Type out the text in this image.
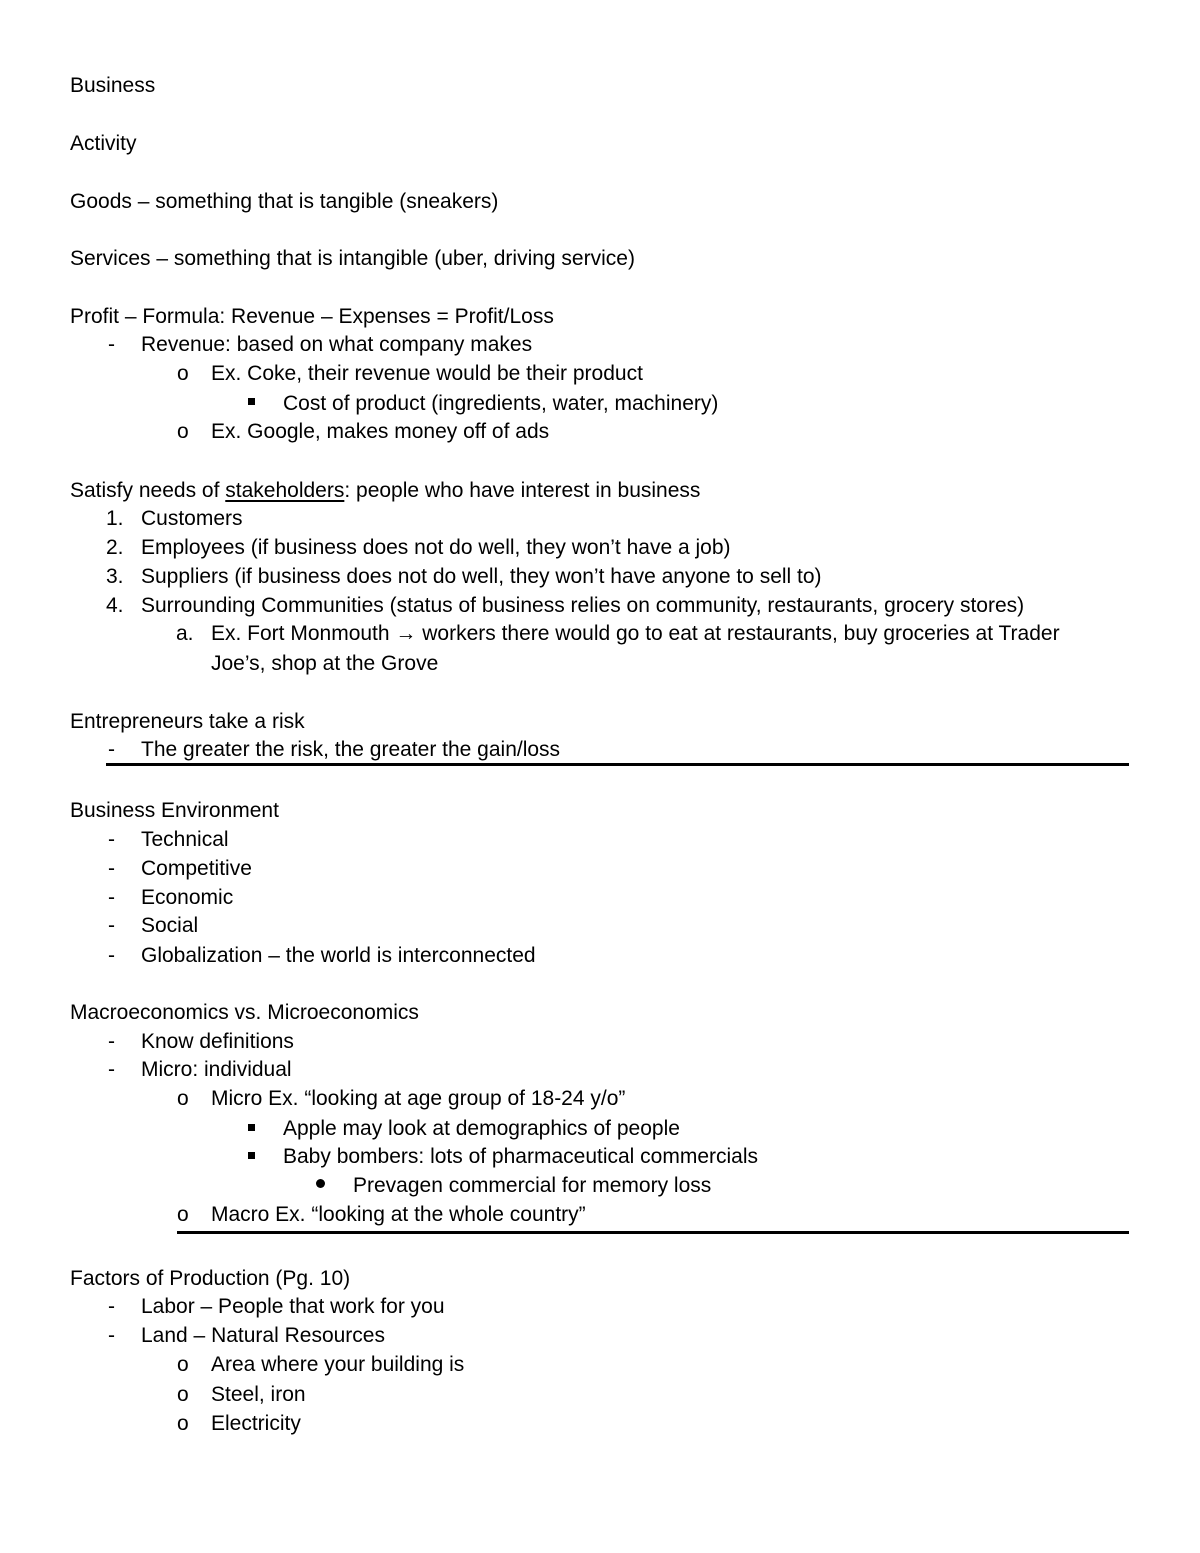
Business
Activity
Goods – something that is tangible (sneakers)
Services – something that is intangible (uber, driving service)
Profit – Formula: Revenue – Expenses = Profit/Loss
- Revenue: based on what company makes
o Ex. Coke, their revenue would be their product
Cost of product (ingredients, water, machinery)
o Ex. Google, makes money off of ads
Satisfy needs of stakeholders: people who have interest in business
1. Customers
2. Employees (if business does not do well, they won’t have a job)
3. Suppliers (if business does not do well, they won’t have anyone to sell to)
4. Surrounding Communities (status of business relies on community, restaurants, grocery stores)
a. Ex. Fort Monmouth → workers there would go to eat at restaurants, buy groceries at Trader
Joe’s, shop at the Grove
Entrepreneurs take a risk
- The greater the risk, the greater the gain/loss
Business Environment
- Technical
- Competitive
- Economic
- Social
- Globalization – the world is interconnected
Macroeconomics vs. Microeconomics
- Know definitions
- Micro: individual
o Micro Ex. “looking at age group of 18-24 y/o”
Apple may look at demographics of people
Baby bombers: lots of pharmaceutical commercials
Prevagen commercial for memory loss
o Macro Ex. “looking at the whole country”
Factors of Production (Pg. 10)
- Labor – People that work for you
- Land – Natural Resources
o Area where your building is
o Steel, iron
o Electricity
